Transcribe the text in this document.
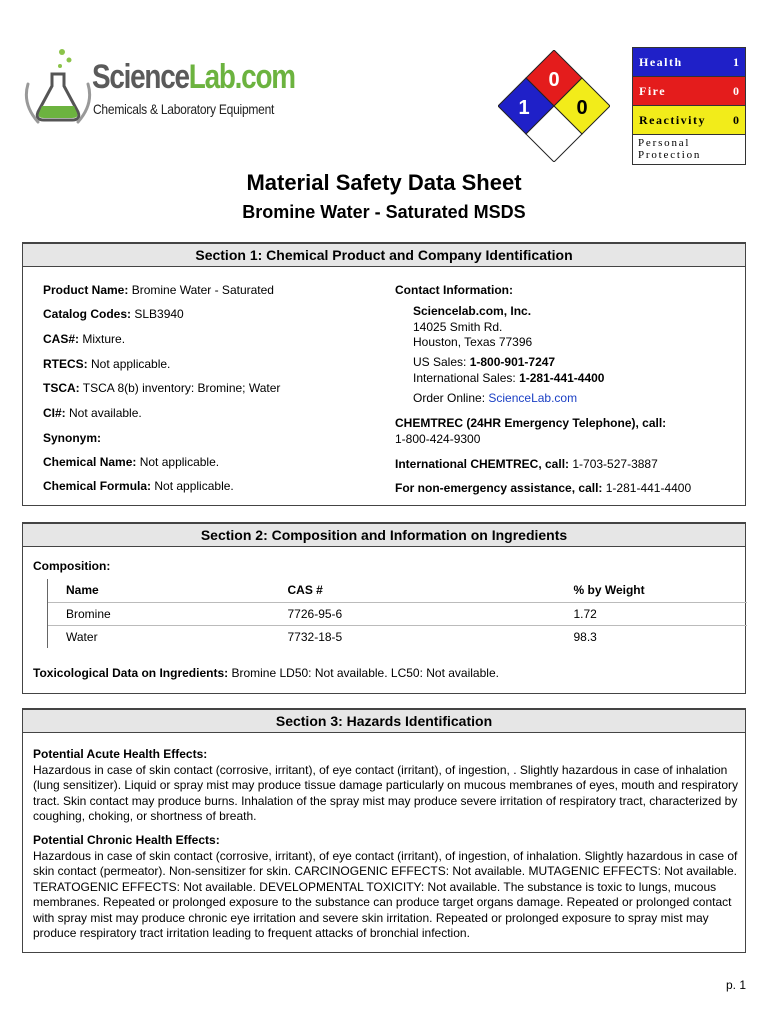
ScienceLab.com
Chemicals & Laboratory Equipment
0
1 0
Health	1
Fire	0
Reactivity 0
Personal
Protection
Material Safety Data Sheet
Bromine Water - Saturated MSDS
Section 1: Chemical Product and Company Identification
Product Name: Bromine Water - Saturated
Catalog Codes: SLB3940
CAS#: Mixture.
RTECS: Not applicable.
TSCA: TSCA 8(b) inventory: Bromine; Water
CI#: Not available.
Synonym:
Chemical Name: Not applicable.
Chemical Formula: Not applicable.
Contact Information:
Sciencelab.com, Inc.
14025 Smith Rd.
Houston, Texas 77396
US Sales: 1-800-901-7247
International Sales: 1-281-441-4400
Order Online: ScienceLab.com
CHEMTREC (24HR Emergency Telephone), call:
1-800-424-9300
International CHEMTREC, call: 1-703-527-3887
For non-emergency assistance, call: 1-281-441-4400
Section 2: Composition and Information on Ingredients
Composition:
Name	CAS #	% by Weight
Bromine	7726-95-6	1.72
Water	7732-18-5	98.3
Toxicological Data on Ingredients: Bromine LD50: Not available. LC50: Not available.
Section 3: Hazards Identification
Potential Acute Health Effects:
Hazardous in case of skin contact (corrosive, irritant), of eye contact (irritant), of ingestion, . Slightly hazardous in case of inhalation (lung sensitizer). Liquid or spray mist may produce tissue damage particularly on mucous membranes of eyes, mouth and respiratory tract. Skin contact may produce burns. Inhalation of the spray mist may produce severe irritation of respiratory tract, characterized by coughing, choking, or shortness of breath.
Potential Chronic Health Effects:
Hazardous in case of skin contact (corrosive, irritant), of eye contact (irritant), of ingestion, of inhalation. Slightly hazardous in case of skin contact (permeator). Non-sensitizer for skin. CARCINOGENIC EFFECTS: Not available. MUTAGENIC EFFECTS: Not available. TERATOGENIC EFFECTS: Not available. DEVELOPMENTAL TOXICITY: Not available. The substance is toxic to lungs, mucous membranes. Repeated or prolonged exposure to the substance can produce target organs damage. Repeated or prolonged contact with spray mist may produce chronic eye irritation and severe skin irritation. Repeated or prolonged exposure to spray mist may produce respiratory tract irritation leading to frequent attacks of bronchial infection.
p. 1
